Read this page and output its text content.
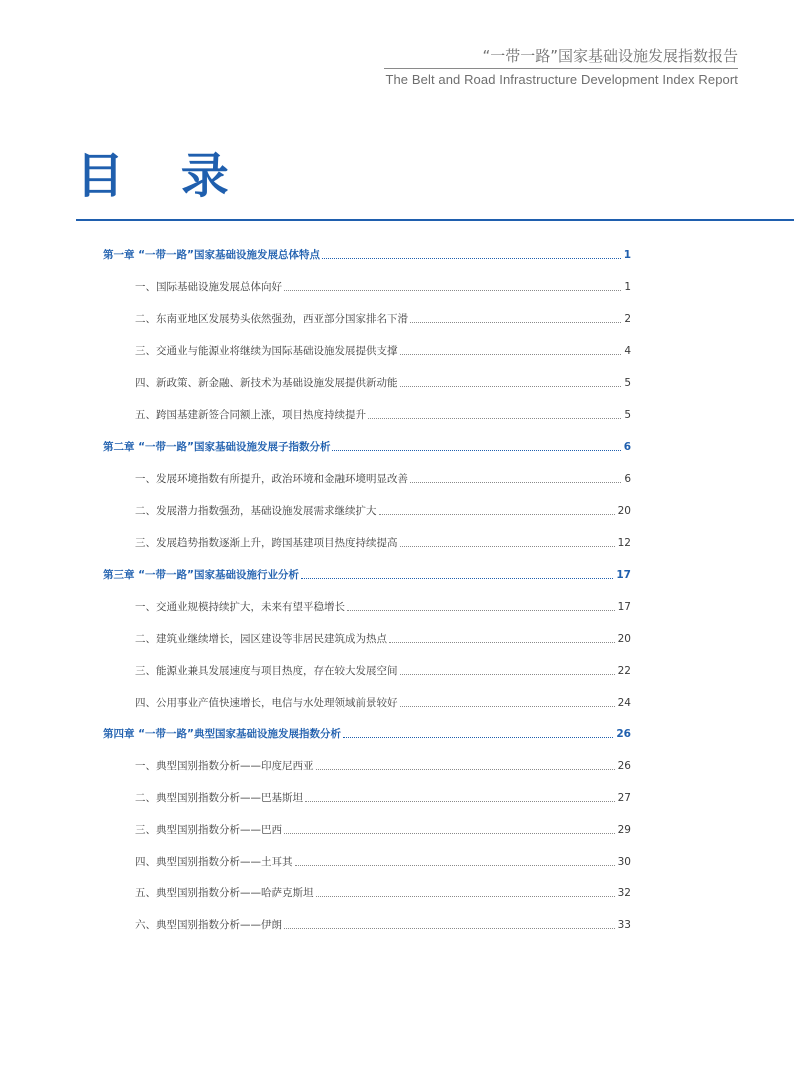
“一带一路”国家基础设施发展指数报告
The Belt and Road Infrastructure Development Index Report
目 录
第一章 “一带一路”国家基础设施发展总体特点	1
一、国际基础设施发展总体向好	1
二、东南亚地区发展势头依然强劲，西亚部分国家排名下滑	2
三、交通业与能源业将继续为国际基础设施发展提供支撑	4
四、新政策、新金融、新技术为基础设施发展提供新动能	5
五、跨国基建新签合同额上涨，项目热度持续提升	5
第二章 “一带一路”国家基础设施发展子指数分析	6
一、发展环境指数有所提升，政治环境和金融环境明显改善	6
二、发展潜力指数强劲，基础设施发展需求继续扩大	20
三、发展趋势指数逐渐上升，跨国基建项目热度持续提高	12
第三章 “一带一路”国家基础设施行业分析	17
一、交通业规模持续扩大，未来有望平稳增长	17
二、建筑业继续增长，园区建设等非居民建筑成为热点	20
三、能源业兼具发展速度与项目热度，存在较大发展空间	22
四、公用事业产值快速增长，电信与水处理领域前景较好	24
第四章 “一带一路”典型国家基础设施发展指数分析	26
一、典型国别指数分析——印度尼西亚	26
二、典型国别指数分析——巴基斯坦	27
三、典型国别指数分析——巴西	29
四、典型国别指数分析——土耳其	30
五、典型国别指数分析——哈萨克斯坦	32
六、典型国别指数分析——伊朗	33
